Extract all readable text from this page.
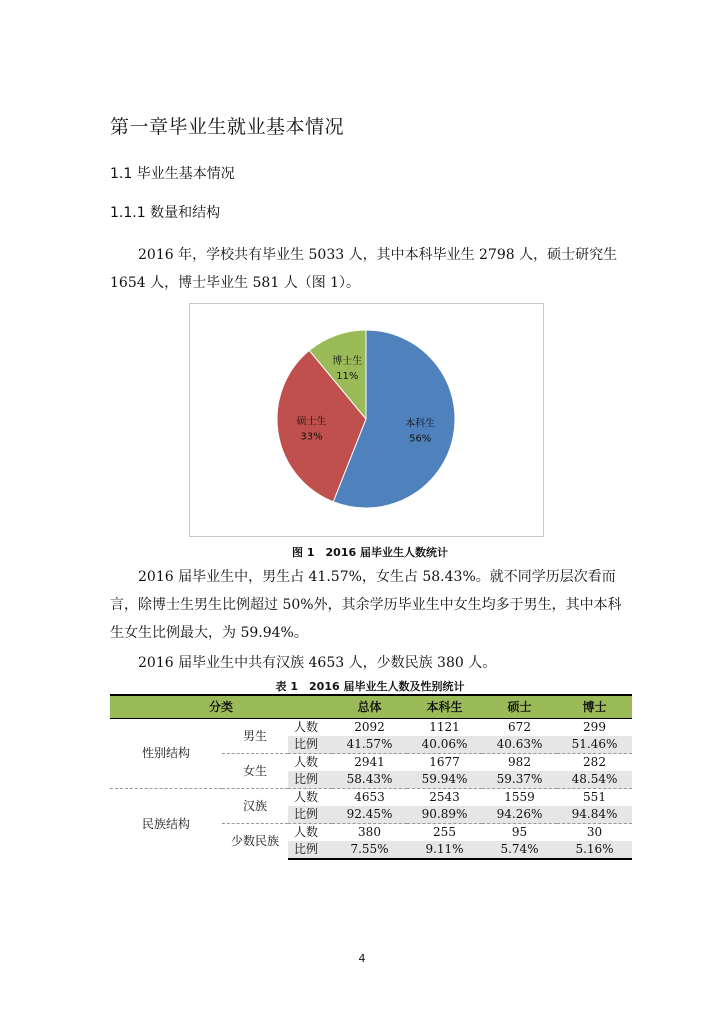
第一章毕业生就业基本情况
1.1 毕业生基本情况
1.1.1 数量和结构
2016 年，学校共有毕业生 5033 人，其中本科毕业生 2798 人，硕士研究生 1654 人，博士毕业生 581 人（图 1）。
本科生
56%
硕士生
33%
博士生
11%
图 1　2016 届毕业生人数统计
2016 届毕业生中，男生占 41.57%，女生占 58.43%。就不同学历层次看而言，除博士生男生比例超过 50%外，其余学历毕业生中女生均多于男生，其中本科生女生比例最大，为 59.94%。
2016 届毕业生中共有汉族 4653 人，少数民族 380 人。
表 1　2016 届毕业生人数及性别统计
分类			总体	本科生	硕士	博士
性别结构	男生	人数	2092	1121	672	299
		比例	41.57%	40.06%	40.63%	51.46%
	女生	人数	2941	1677	982	282
		比例	58.43%	59.94%	59.37%	48.54%
民族结构	汉族	人数	4653	2543	1559	551
		比例	92.45%	90.89%	94.26%	94.84%
	少数民族	人数	380	255	95	30
		比例	7.55%	9.11%	5.74%	5.16%
4
